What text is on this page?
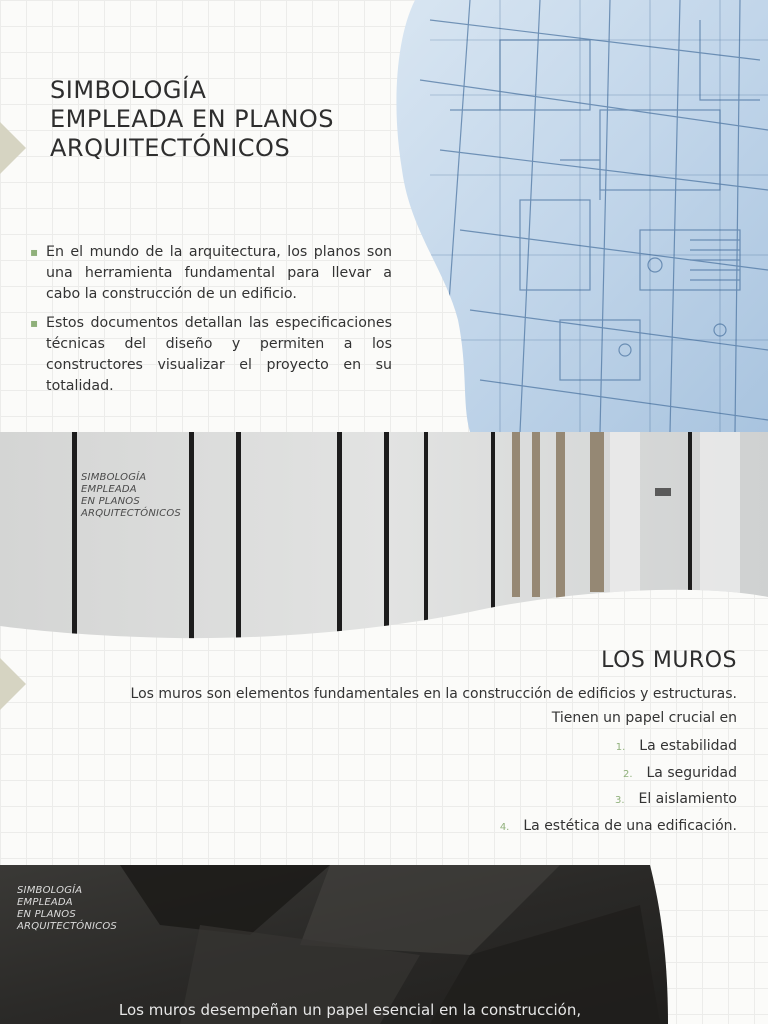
SIMBOLOGÍA
EMPLEADA EN PLANOS
ARQUITECTÓNICOS
▪ En el mundo de la arquitectura, los planos son una herramienta fundamental para llevar a cabo la construcción de un edificio.
▪ Estos documentos detallan las especificaciones técnicas del diseño y permiten a los constructores visualizar el proyecto en su totalidad.
SIMBOLOGÍA
EMPLEADA
EN PLANOS
ARQUITECTÓNICOS
LOS MUROS

Los muros son elementos fundamentales en la construcción de edificios y estructuras.

Tienen un papel crucial en

1. La estabilidad
2. La seguridad
3. El aislamiento
4. La estética de una edificación.
SIMBOLOGÍA
EMPLEADA
EN PLANOS
ARQUITECTÓNICOS

Los muros desempeñan un papel esencial en la construcción,
